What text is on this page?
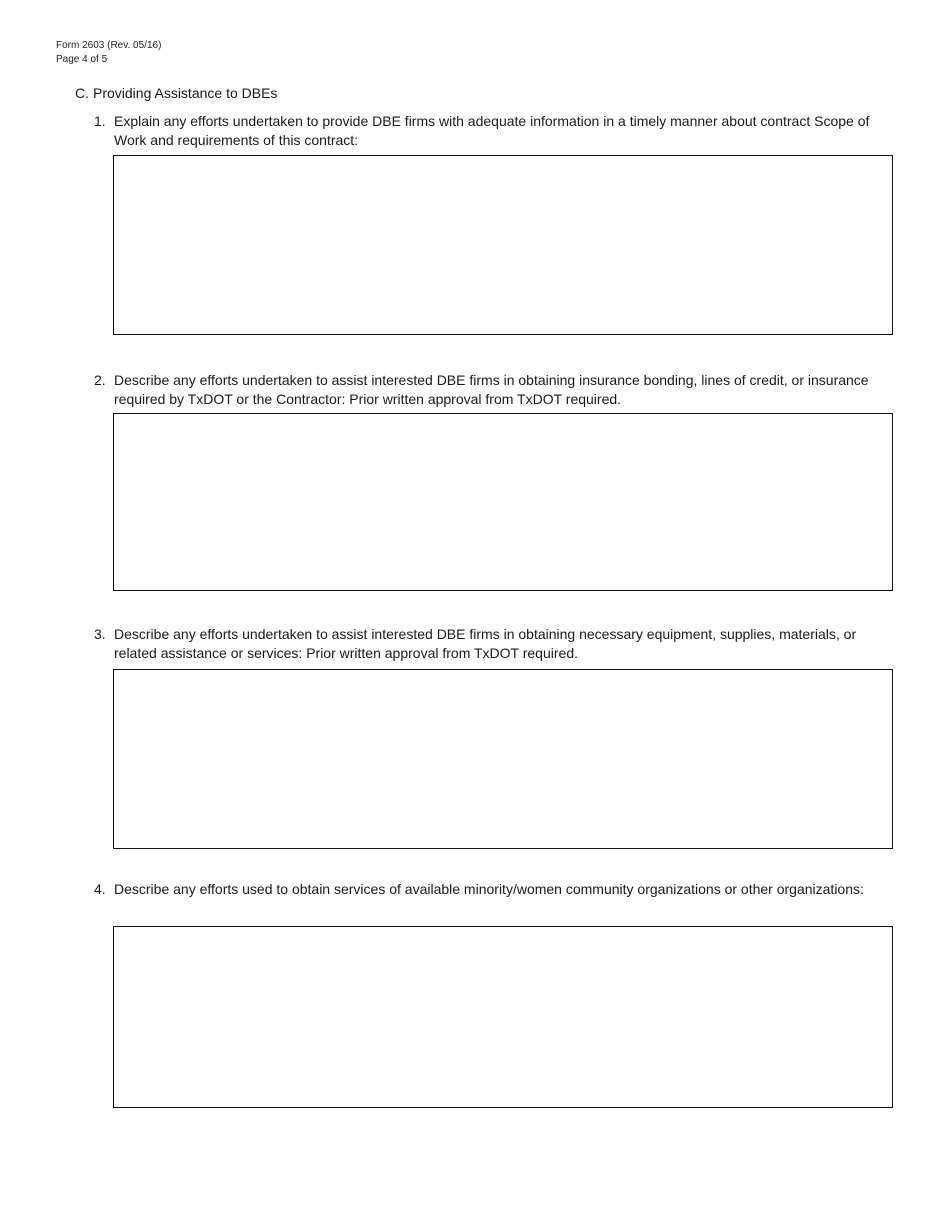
Form 2603 (Rev. 05/16)
Page 4 of 5
C. Providing Assistance to DBEs
1. Explain any efforts undertaken to provide DBE firms with adequate information in a timely manner about contract Scope of Work and requirements of this contract:
2. Describe any efforts undertaken to assist interested DBE firms in obtaining insurance bonding, lines of credit, or insurance required by TxDOT or the Contractor: Prior written approval from TxDOT required.
3. Describe any efforts undertaken to assist interested DBE firms in obtaining necessary equipment, supplies, materials, or related assistance or services: Prior written approval from TxDOT required.
4. Describe any efforts used to obtain services of available minority/women community organizations or other organizations:
